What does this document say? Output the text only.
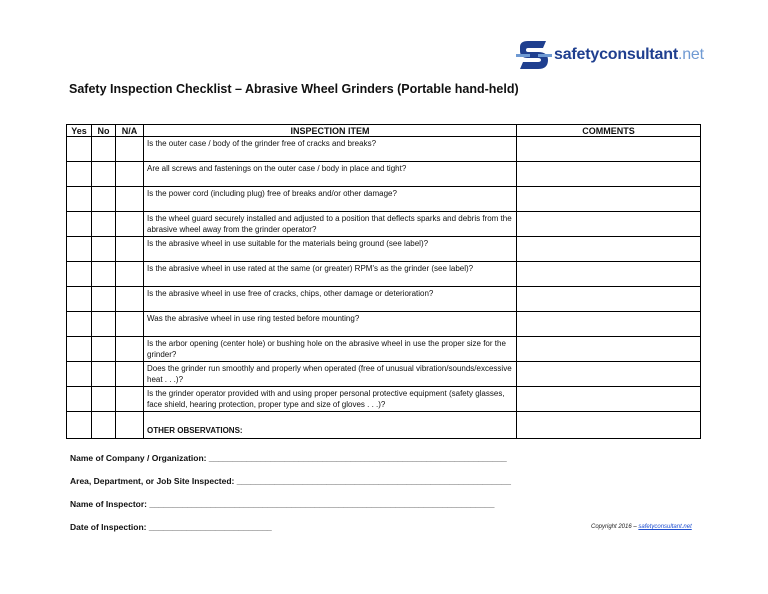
safetyconsultant.net
Safety Inspection Checklist – Abrasive Wheel Grinders (Portable hand-held)
Yes	No	N/A	INSPECTION ITEM	COMMENTS
			Is the outer case / body of the grinder free of cracks and breaks?	
			Are all screws and fastenings on the outer case / body in place and tight?	
			Is the power cord (including plug) free of breaks and/or other damage?	
			Is the wheel guard securely installed and adjusted to a position that deflects sparks and debris from the abrasive wheel away from the grinder operator?	
			Is the abrasive wheel in use suitable for the materials being ground (see label)?	
			Is the abrasive wheel in use rated at the same (or greater) RPM's as the grinder (see label)?	
			Is the abrasive wheel in use free of cracks, chips, other damage or deterioration?	
			Was the abrasive wheel in use ring tested before mounting?	
			Is the arbor opening (center hole) or bushing hole on the abrasive wheel in use the proper size for the grinder?	
			Does the grinder run smoothly and properly when operated (free of unusual vibration/sounds/excessive heat . . .)?	
			Is the grinder operator provided with and using proper personal protective equipment (safety glasses, face shield, hearing protection, proper type and size of gloves . . .)?	
			OTHER OBSERVATIONS:	
Name of Company / Organization: _______________________________________________________________
Area, Department, or Job Site Inspected: __________________________________________________________
Name of Inspector: _________________________________________________________________________
Date of Inspection: __________________________	Copyright 2016 – safetyconsultant.net
